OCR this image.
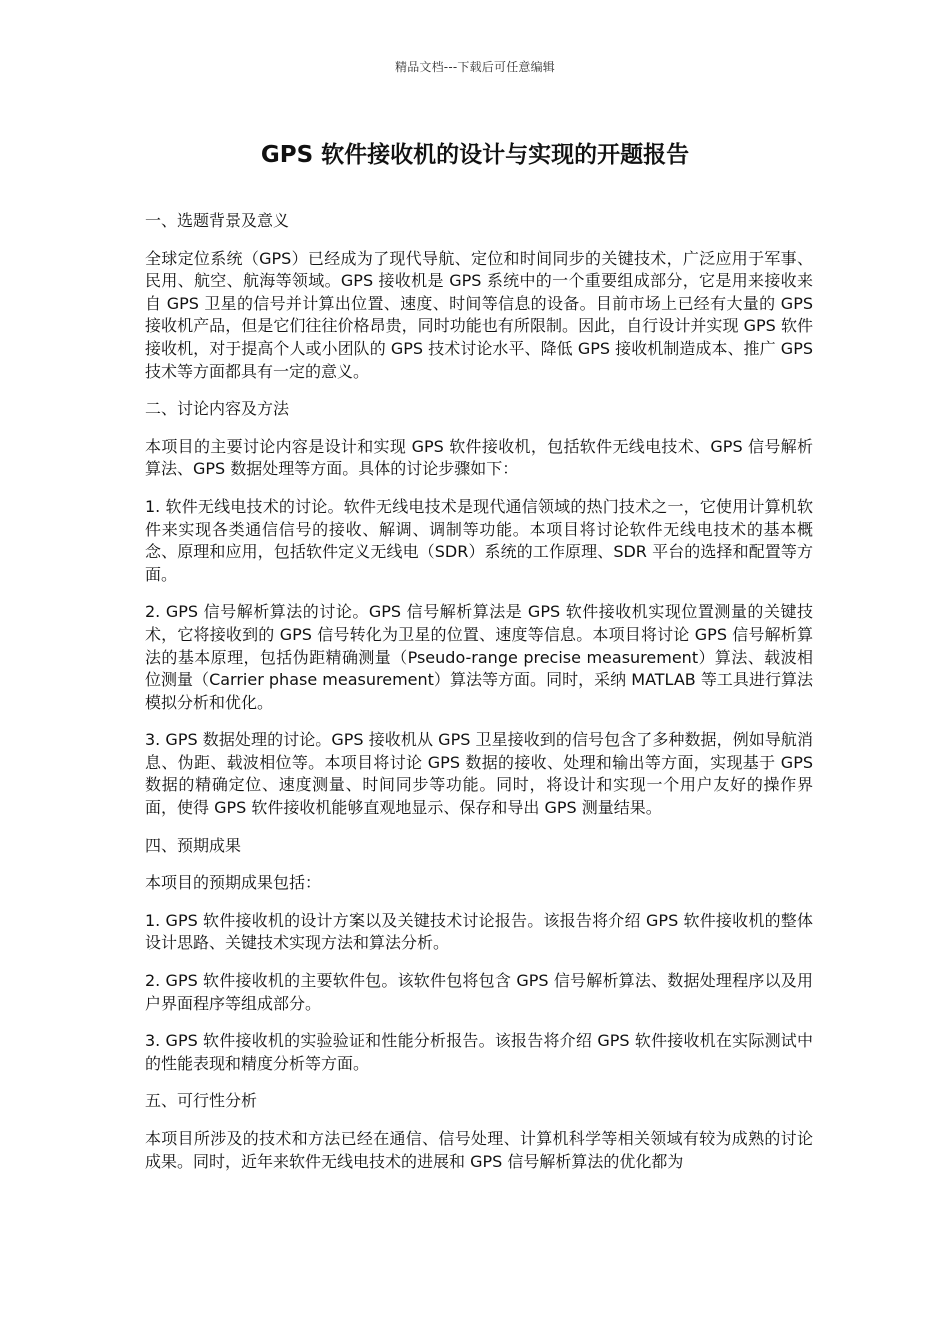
精品文档---下载后可任意编辑
GPS 软件接收机的设计与实现的开题报告

一、选题背景及意义

全球定位系统（GPS）已经成为了现代导航、定位和时间同步的关键技术，广泛应用于军事、民用、航空、航海等领域。GPS 接收机是 GPS 系统中的一个重要组成部分，它是用来接收来自 GPS 卫星的信号并计算出位置、速度、时间等信息的设备。目前市场上已经有大量的 GPS 接收机产品，但是它们往往价格昂贵，同时功能也有所限制。因此，自行设计并实现 GPS 软件接收机，对于提高个人或小团队的 GPS 技术讨论水平、降低 GPS 接收机制造成本、推广 GPS 技术等方面都具有一定的意义。

二、讨论内容及方法

本项目的主要讨论内容是设计和实现 GPS 软件接收机，包括软件无线电技术、GPS 信号解析算法、GPS 数据处理等方面。具体的讨论步骤如下：

1. 软件无线电技术的讨论。软件无线电技术是现代通信领域的热门技术之一，它使用计算机软件来实现各类通信信号的接收、解调、调制等功能。本项目将讨论软件无线电技术的基本概念、原理和应用，包括软件定义无线电（SDR）系统的工作原理、SDR 平台的选择和配置等方面。

2. GPS 信号解析算法的讨论。GPS 信号解析算法是 GPS 软件接收机实现位置测量的关键技术，它将接收到的 GPS 信号转化为卫星的位置、速度等信息。本项目将讨论 GPS 信号解析算法的基本原理，包括伪距精确测量（Pseudo-range precise measurement）算法、载波相位测量（Carrier phase measurement）算法等方面。同时，采纳 MATLAB 等工具进行算法模拟分析和优化。

3. GPS 数据处理的讨论。GPS 接收机从 GPS 卫星接收到的信号包含了多种数据，例如导航消息、伪距、载波相位等。本项目将讨论 GPS 数据的接收、处理和输出等方面，实现基于 GPS 数据的精确定位、速度测量、时间同步等功能。同时，将设计和实现一个用户友好的操作界面，使得 GPS 软件接收机能够直观地显示、保存和导出 GPS 测量结果。

四、预期成果

本项目的预期成果包括：

1. GPS 软件接收机的设计方案以及关键技术讨论报告。该报告将介绍 GPS 软件接收机的整体设计思路、关键技术实现方法和算法分析。

2. GPS 软件接收机的主要软件包。该软件包将包含 GPS 信号解析算法、数据处理程序以及用户界面程序等组成部分。

3. GPS 软件接收机的实验验证和性能分析报告。该报告将介绍 GPS 软件接收机在实际测试中的性能表现和精度分析等方面。

五、可行性分析

本项目所涉及的技术和方法已经在通信、信号处理、计算机科学等相关领域有较为成熟的讨论成果。同时，近年来软件无线电技术的进展和 GPS 信号解析算法的优化都为
